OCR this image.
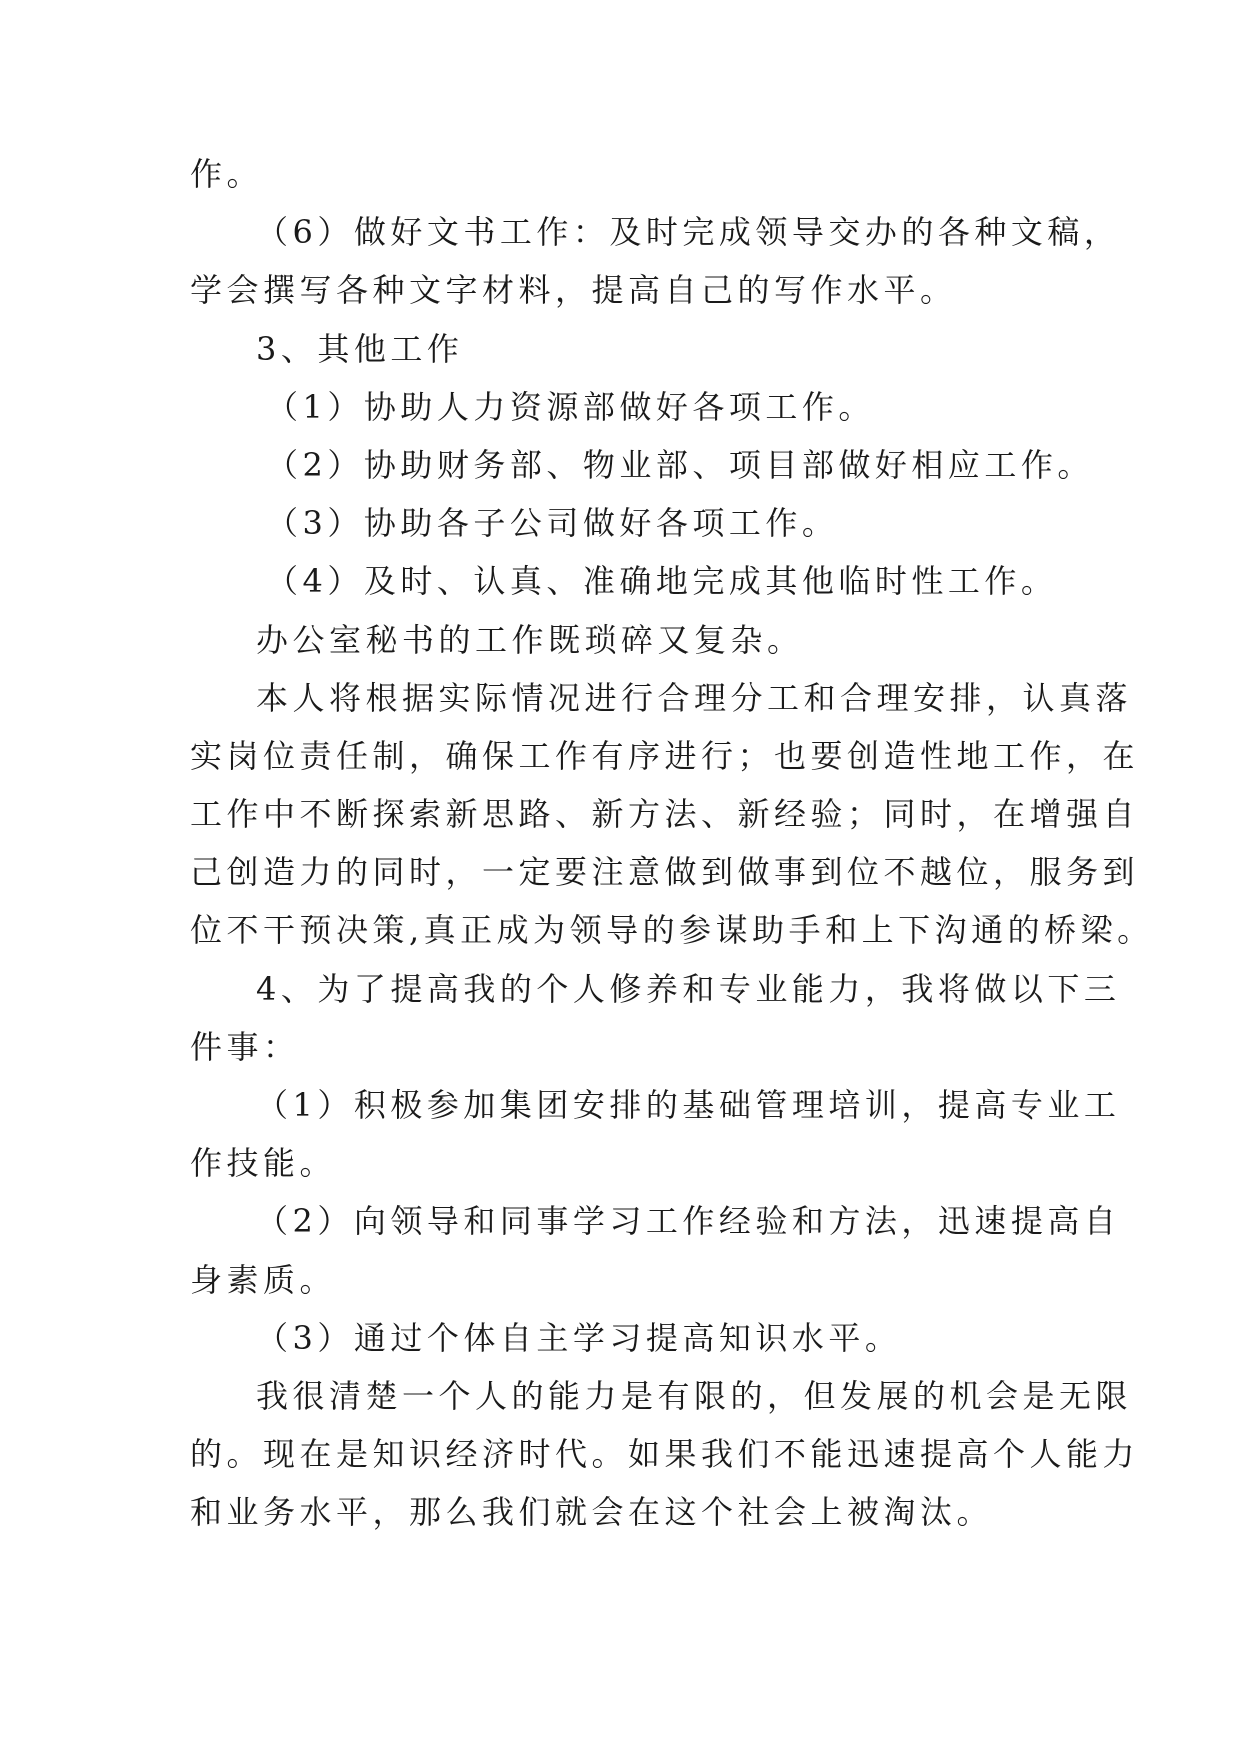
作。
（6）做好文书工作：及时完成领导交办的各种文稿，
学会撰写各种文字材料，提高自己的写作水平。
3、其他工作
（1）协助人力资源部做好各项工作。
（2）协助财务部、物业部、项目部做好相应工作。
（3）协助各子公司做好各项工作。
（4）及时、认真、准确地完成其他临时性工作。
办公室秘书的工作既琐碎又复杂。
本人将根据实际情况进行合理分工和合理安排，认真落
实岗位责任制，确保工作有序进行；也要创造性地工作，在
工作中不断探索新思路、新方法、新经验；同时，在增强自
己创造力的同时，一定要注意做到做事到位不越位，服务到
位不干预决策,真正成为领导的参谋助手和上下沟通的桥梁。
4、为了提高我的个人修养和专业能力，我将做以下三
件事：
（1）积极参加集团安排的基础管理培训，提高专业工
作技能。
（2）向领导和同事学习工作经验和方法，迅速提高自
身素质。
（3）通过个体自主学习提高知识水平。
我很清楚一个人的能力是有限的，但发展的机会是无限
的。现在是知识经济时代。如果我们不能迅速提高个人能力
和业务水平，那么我们就会在这个社会上被淘汰。
